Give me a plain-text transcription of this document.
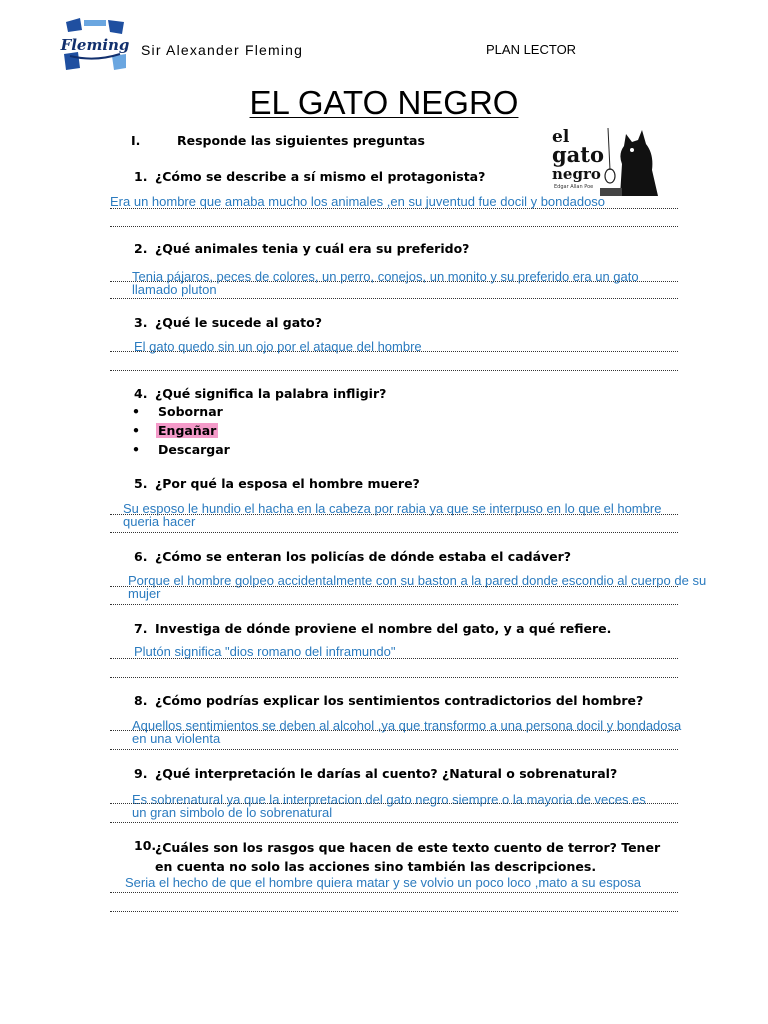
Fleming Sir Alexander Fleming	PLAN LECTOR
EL GATO NEGRO
I.	Responde las siguientes preguntas	el
gato
negro
Edgar Allan Poe
1. ¿Cómo se describe a sí mismo el protagonista?
Era un hombre que amaba mucho los animales ,en su juventud fue docil y bondadoso
2. ¿Qué animales tenia y cuál era su preferido?
Tenia pájaros, peces de colores, un perro, conejos, un monito y su preferido era un gato
llamado pluton
3. ¿Qué le sucede al gato?
El gato quedo sin un ojo por el ataque del hombre
4. ¿Qué significa la palabra infligir?
• Sobornar
• Engañar
• Descargar
5. ¿Por qué la esposa el hombre muere?
Su esposo le hundio el hacha en la cabeza por rabia ya que se interpuso en lo que el hombre
queria hacer
6. ¿Cómo se enteran los policías de dónde estaba el cadáver?
Porque el hombre golpeo accidentalmente con su baston a la pared donde escondio al cuerpo de su
mujer
7. Investiga de dónde proviene el nombre del gato, y a qué refiere.
Plutón significa "dios romano del inframundo"
8. ¿Cómo podrías explicar los sentimientos contradictorios del hombre?
Aquellos sentimientos se deben al alcohol ,ya que transformo a una persona docil y bondadosa
en una violenta
9. ¿Qué interpretación le darías al cuento? ¿Natural o sobrenatural?
Es sobrenatural ya que la interpretacion del gato negro siempre o la mayoria de veces es
un gran simbolo de lo sobrenatural
10.¿Cuáles son los rasgos que hacen de este texto cuento de terror? Tener en cuenta no solo las acciones sino también las descripciones.
Seria el hecho de que el hombre quiera matar y se volvio un poco loco ,mato a su esposa
